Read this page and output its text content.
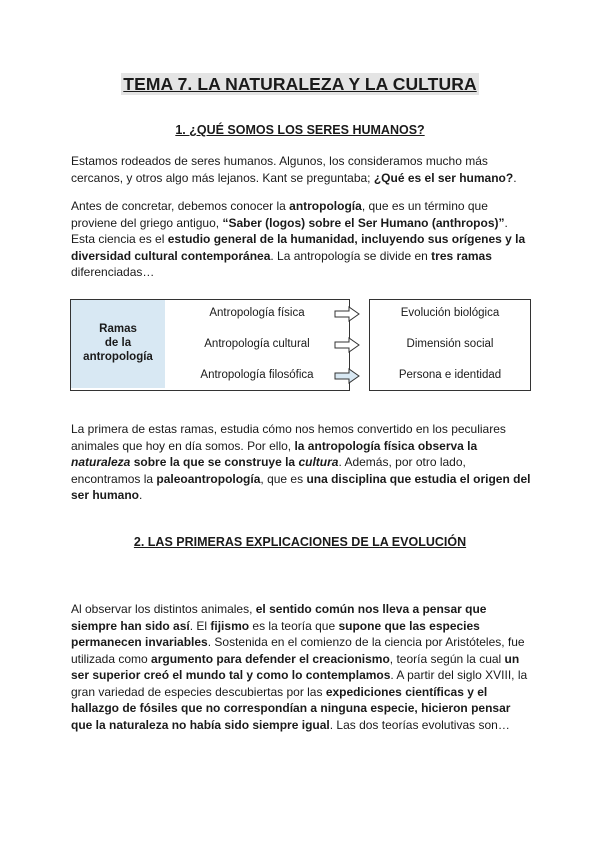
TEMA 7. LA NATURALEZA Y LA CULTURA
1. ¿QUÉ SOMOS LOS SERES HUMANOS?
Estamos rodeados de seres humanos. Algunos, los consideramos mucho más cercanos, y otros algo más lejanos. Kant se preguntaba; ¿Qué es el ser humano?.
Antes de concretar, debemos conocer la antropología, que es un término que proviene del griego antiguo, “Saber (logos) sobre el Ser Humano (anthropos)”. Esta ciencia es el estudio general de la humanidad, incluyendo sus orígenes y la diversidad cultural contemporánea. La antropología se divide en tres ramas diferenciadas…
Ramas
de la
antropología
Antropología física
Antropología cultural
Antropología filosófica
Evolución biológica
Dimensión social
Persona e identidad
La primera de estas ramas, estudia cómo nos hemos convertido en los peculiares animales que hoy en día somos. Por ello, la antropología física observa la naturaleza sobre la que se construye la cultura. Además, por otro lado, encontramos la paleoantropología, que es una disciplina que estudia el origen del ser humano.
2. LAS PRIMERAS EXPLICACIONES DE LA EVOLUCIÓN
Al observar los distintos animales, el sentido común nos lleva a pensar que siempre han sido así. El fijismo es la teoría que supone que las especies permanecen invariables. Sostenida en el comienzo de la ciencia por Aristóteles, fue utilizada como argumento para defender el creacionismo, teoría según la cual un ser superior creó el mundo tal y como lo contemplamos. A partir del siglo XVIII, la gran variedad de especies descubiertas por las expediciones científicas y el hallazgo de fósiles que no correspondían a ninguna especie, hicieron pensar que la naturaleza no había sido siempre igual. Las dos teorías evolutivas son…
